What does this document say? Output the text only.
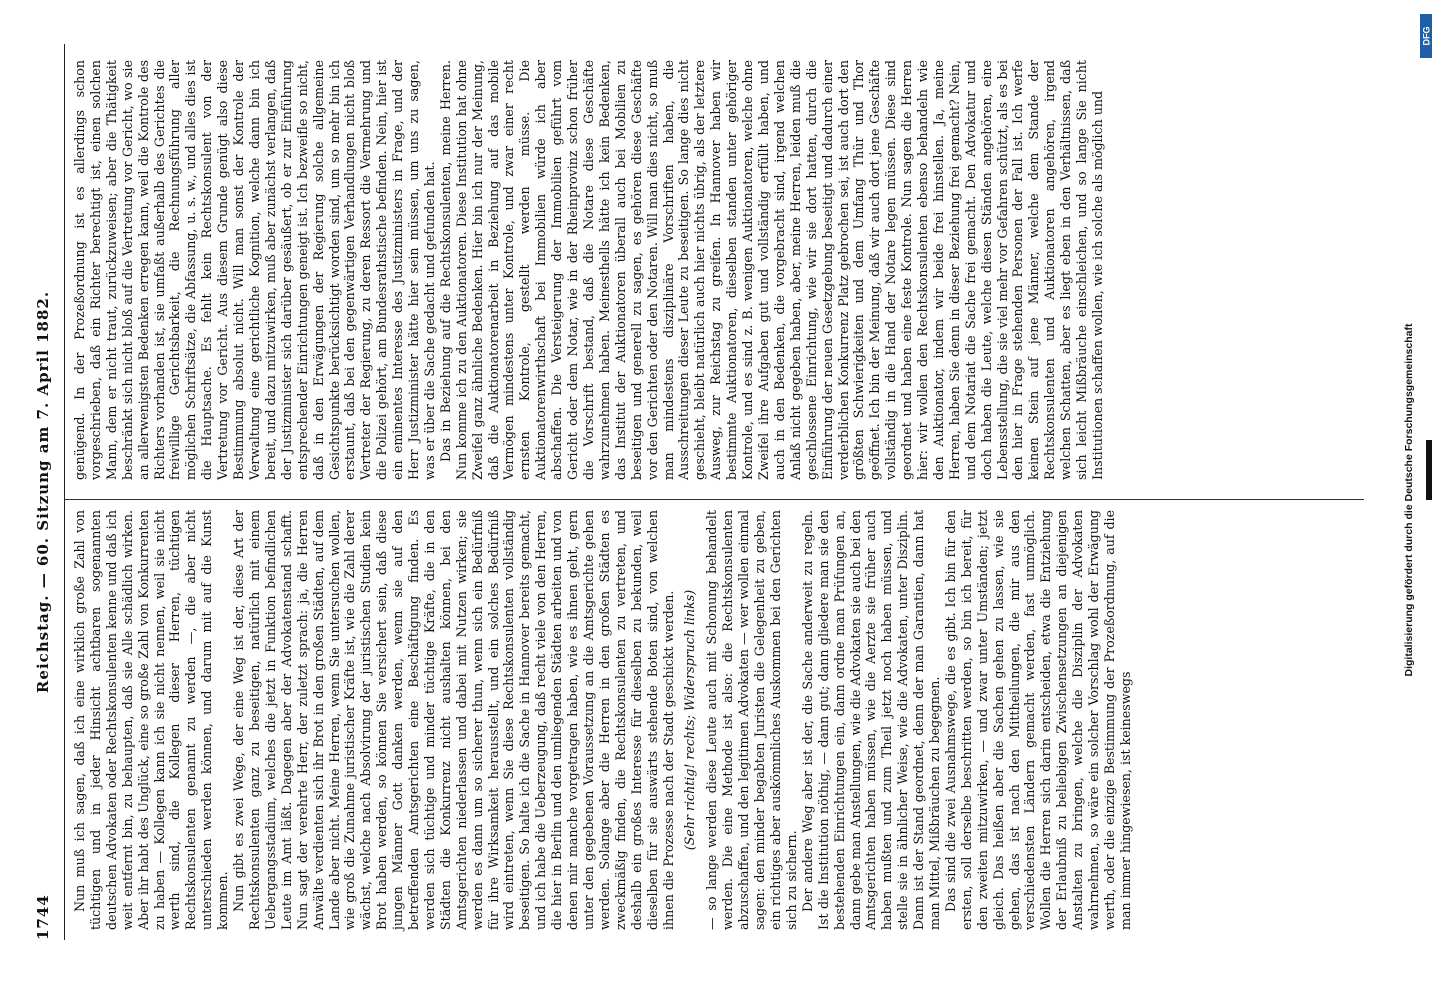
1744
Reichstag. — 60. Sitzung am 7. April 1882.

Nun muß ich sagen, daß ich eine wirklich große Zahl von tüchtigen und in jeder Hinsicht achtbaren sogenannten deutschen Advokaten oder Rechtskonsulenten kenne und daß ich weit entfernt bin, zu behaupten, daß sie Alle schädlich wirken. Aber ihr habt des Unglück, eine so große Zahl von Konkurrenten zu haben — Kollegen kann ich sie nicht nennen, weil sie nicht werth sind, die Kollegen dieser Herren, tüchtigen Rechtskonsulenten genannt zu werden —, die aber nicht unterschieden werden können, und darum mit auf die Kunst kommen. Nun gibt es zwei Wege, der eine Weg ist der, diese Art der Rechtskonsulenten ganz zu beseitigen, natürlich mit einem Uebergangsstadium, welches die jetzt in Funktion befindlichen Leute im Amt läßt. Dagegen aber der Advokatenstand schafft. Nun sagt der verehrte Herr, der zuletzt sprach: ja, die Herren Anwälte verdienten sich ihr Brot in den großen Städten, auf dem Lande aber nicht. Meine Herren, wenn Sie untersuchen wollen, wie groß die Zunahme juristischer Kräfte ist, wie die Zahl derer wächst, welche nach Absolvirung der juristischen Studien kein Brot haben werden, so können Sie versichert sein, daß diese jungen Männer Gott danken werden, wenn sie auf den betreffenden Amtsgerichten eine Beschäftigung finden. Es werden sich tüchtige und minder tüchtige Kräfte, die in den Städten die Konkurrenz nicht aushalten können, bei den Amtsgerichten niederlassen und dabei mit Nutzen wirken; sie werden es dann um so sicherer thun, wenn sich ein Bedürfniß für ihre Wirksamkeit herausstellt, und ein solches Bedürfniß wird eintreten, wenn Sie diese Rechtskonsulenten vollständig beseitigen. So halte ich die Sache in Hannover bereits gemacht, und ich habe die Ueberzeugung, daß recht viele von den Herren, die hier in Berlin und den umliegenden Städten arbeiten und von denen mir manche vorgetragen haben, wie es ihnen geht, gern unter den gegebenen Voraussetzung an die Amtsgerichte gehen werden. Solange aber die Herren in den großen Städten es zweckmäßig finden, die Rechtskonsulenten zu vertreten, und deshalb ein großes Interesse für dieselben zu bekunden, weil dieselben für sie auswärts stehende Boten sind, von welchen ihnen die Prozesse nach der Stadt geschickt werden. (Sehr richtig! rechts; Widerspruch links) — so lange werden diese Leute auch mit Schonung behandelt werden. Die eine Methode ist also: die Rechtskonsulenten abzuschaffen, und den legitimen Advokaten — wer wollen einmal sagen: den minder begabten Juristen die Gelegenheit zu geben, ein richtiges aber auskömmliches Auskommen bei den Gerichten sich zu sichern. Der andere Weg aber ist der, die Sache anderweit zu regeln. Ist die Institution nöthig, — dann gut; dann gliedere man sie den bestehenden Einrichtungen ein, dann ordne man Prüfungen an, dann gebe man Anstellungen, wie die Advokaten sie auch bei den Amtsgerichten haben müssen, wie die Aerzte sie früher auch haben mußten und zum Theil jetzt noch haben müssen, und stelle sie in ähnlicher Weise, wie die Advokaten, unter Disziplin. Dann ist der Stand geordnet, denn der man Garantien, dann hat man Mittel, Mißbräuchen zu begegnen. Das sind die zwei Ausnahmswege, die es gibt. Ich bin für den ersten, soll derselbe beschritten werden, so bin ich bereit, für den zweiten mitzuwirken, — und zwar unter Umständen; jetzt gleich. Das heißen aber die Sachen gehen zu lassen, wie sie gehen, das ist nach den Mittheilungen, die mir aus den verschiedensten Ländern gemacht werden, fast unmöglich. Wollen die Herren sich darin entscheiden, etwa die Entziehung der Erlaubniß zu beliebigen Zwischensetzungen an diejenigen Anstalten zu bringen, welche die Disziplin der Advokaten wahrnehmen, so wäre ein solcher Vorschlag wohl der Erwägung werth, oder die einzige Bestimmung der Prozeßordnung, auf die man immer hingewiesen, ist keineswegs

genügend. In der Prozeßordnung ist es allerdings schon vorgeschrieben, daß ein Richter berechtigt ist, einen solchen Mann, dem er nicht traut, zurückzuweisen; aber die Thätigkeit beschränkt sich nicht bloß auf die Vertretung vor Gericht, wo sie an allerwenigsten Bedenken erregen kann, weil die Kontrole des Richters vorhanden ist, sie umfaßt außerhalb des Gerichtes die freiwillige Gerichtsbarkeit, die Rechnungsführung aller möglichen Schriftsätze, die Abfassung, u. s. w., und alles dies ist die Hauptsache. Es fehlt kein Rechtskonsulent von der Vertretung vor Gericht. Aus diesem Grunde genügt also diese Bestimmung absolut nicht. Will man sonst der Kontrole der Verwaltung eine gerichtliche Kognition, welche dann bin ich bereit, und dazu mitzuwirken, muß aber zunächst verlangen, daß der Justizminister sich darüber gesäußert, ob er zur Einführung entsprechender Einrichtungen geneigt ist. Ich bezweifle so nicht, daß in den Erwägungen der Regierung solche allgemeine Gesichtspunkte berücksichtigt worden sind, um so mehr bin ich erstaunt, daß bei den gegenwärtigen Verhandlungen nicht bloß Vertreter der Regierung, zu deren Ressort die Vermehrung und die Polizei gehört, am Bundesrathstische befinden. Nein, hier ist ein eminentes Interesse des Justizministers in Frage, und der Herr Justizminister hätte hier sein müssen, um uns zu sagen, was er über die Sache gedacht und gefunden hat. Das in Beziehung auf die Rechtskonsulenten, meine Herren. Nun komme ich zu den Auktionatoren. Diese Institution hat ohne Zweifel ganz ähnliche Bedenken. Hier bin ich nur der Meinung, daß die Auktionatorenarbeit in Beziehung auf das mobile Vermögen mindestens unter Kontrole, und zwar einer recht ernsten Kontrole, gestellt werden müsse. Die Auktionatorenwirthschaft bei Immobilien würde ich aber abschaffen. Die Versteigerung der Immobilien geführt vom Gericht oder dem Notar, wie in der Rheinprovinz schon früher die Vorschrift bestand, daß die Notare diese Geschäfte wahrzunehmen haben. Meinesthells hätte ich kein Bedenken, das Institut der Auktionatoren überall auch bei Mobilien zu beseitigen und generell zu sagen, es gehören diese Geschäfte vor den Gerichten oder den Notaren. Will man dies nicht, so muß man mindestens disziplinäre Vorschriften haben, die Ausschreitungen dieser Leute zu beseitigen. So lange dies nicht geschieht, bleibt natürlich auch hier nichts übrig, als der letztere Ausweg, zur Reichstag zu greifen. In Hannover haben wir bestimmte Auktionatoren, dieselben standen unter gehöriger Kontrole, und es sind z. B. wenigen Auktionatoren, welche ohne Zweifel ihre Aufgaben gut und vollständig erfüllt haben, und auch in den Bedenken, die vorgebracht sind, irgend welchen Anlaß nicht gegeben haben, aber, meine Herren, leiden muß die geschlossene Einrichtung, wie wir sie dort hatten, durch die Einführung der neuen Gesetzgebung beseitigt und dadurch einer verderblichen Konkurrenz Platz gebrochen sei, ist auch dort den größten Schwierigkeiten und dem Umfang Thür und Thor geöffnet. Ich bin der Meinung, daß wir auch dort jene Geschäfte vollständig in die Hand der Notare legen müssen. Diese sind geordnet und haben eine feste Kontrole. Nun sagen die Herren hier: wir wollen den Rechtskonsulenten ebenso behandeln wie den Auktionator, indem wir beide frei hinstellen. Ja, meine Herren, haben Sie denn in dieser Beziehung frei gemacht? Nein, und dem Notariat die Sache frei gemacht. Den Advokatur und doch haben die Leute, welche diesen Ständen angehören, eine Lebensstellung, die sie viel mehr vor Gefahren schützt, als es bei den hier in Frage stehenden Personen der Fall ist. Ich werfe keinen Stein auf jene Männer, welche dem Stande der Rechtskonsulenten und Auktionatoren angehören, irgend welchen Schatten, aber es liegt eben in den Verhältnissen, daß sich leicht Mißbräuche einschleichen, und so lange Sie nicht Institutionen schaffen wollen, wie ich solche als möglich und

DFG
Digitalisierung gefördert durch die Deutsche Forschungsgemeinschaft
